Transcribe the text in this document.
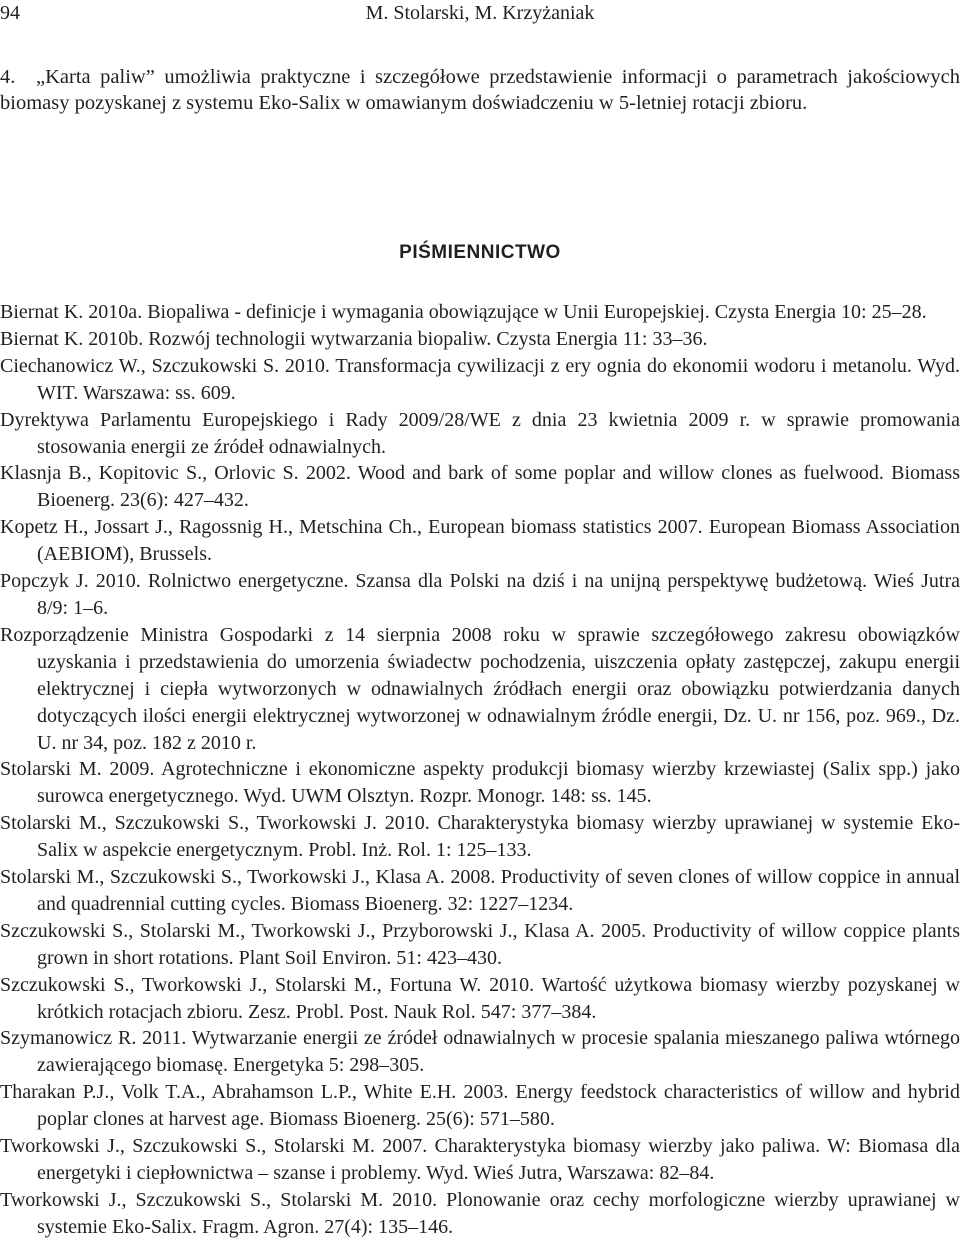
94	M. Stolarski, M. Krzyżaniak
4. „Karta paliw” umożliwia praktyczne i szczegółowe przedstawienie informacji o parametrach jakościowych biomasy pozyskanej z systemu Eko-Salix w omawianym doświadczeniu w 5-letniej rotacji zbioru.
PIŚMIENNICTWO
Biernat K. 2010a. Biopaliwa - definicje i wymagania obowiązujące w Unii Europejskiej. Czysta Energia 10: 25–28.
Biernat K. 2010b. Rozwój technologii wytwarzania biopaliw. Czysta Energia 11: 33–36.
Ciechanowicz W., Szczukowski S. 2010. Transformacja cywilizacji z ery ognia do ekonomii wodoru i metanolu. Wyd. WIT. Warszawa: ss. 609.
Dyrektywa Parlamentu Europejskiego i Rady 2009/28/WE z dnia 23 kwietnia 2009 r. w sprawie promowania stosowania energii ze źródeł odnawialnych.
Klasnja B., Kopitovic S., Orlovic S. 2002. Wood and bark of some poplar and willow clones as fuelwood. Biomass Bioenerg. 23(6): 427–432.
Kopetz H., Jossart J., Ragossnig H., Metschina Ch., European biomass statistics 2007. European Biomass Association (AEBIOM), Brussels.
Popczyk J. 2010. Rolnictwo energetyczne. Szansa dla Polski na dziś i na unijną perspektywę budżetową. Wieś Jutra 8/9: 1–6.
Rozporządzenie Ministra Gospodarki z 14 sierpnia 2008 roku w sprawie szczegółowego zakresu obowiązków uzyskania i przedstawienia do umorzenia świadectw pochodzenia, uiszczenia opłaty zastępczej, zakupu energii elektrycznej i ciepła wytworzonych w odnawialnych źródłach energii oraz obowiązku potwierdzania danych dotyczących ilości energii elektrycznej wytworzonej w odnawialnym źródle energii, Dz. U. nr 156, poz. 969., Dz. U. nr 34, poz. 182 z 2010 r.
Stolarski M. 2009. Agrotechniczne i ekonomiczne aspekty produkcji biomasy wierzby krzewiastej (Salix spp.) jako surowca energetycznego. Wyd. UWM Olsztyn. Rozpr. Monogr. 148: ss. 145.
Stolarski M., Szczukowski S., Tworkowski J. 2010. Charakterystyka biomasy wierzby uprawianej w systemie Eko-Salix w aspekcie energetycznym. Probl. Inż. Rol. 1: 125–133.
Stolarski M., Szczukowski S., Tworkowski J., Klasa A. 2008. Productivity of seven clones of willow coppice in annual and quadrennial cutting cycles. Biomass Bioenerg. 32: 1227–1234.
Szczukowski S., Stolarski M., Tworkowski J., Przyborowski J., Klasa A. 2005. Productivity of willow coppice plants grown in short rotations. Plant Soil Environ. 51: 423–430.
Szczukowski S., Tworkowski J., Stolarski M., Fortuna W. 2010. Wartość użytkowa biomasy wierzby pozyskanej w krótkich rotacjach zbioru. Zesz. Probl. Post. Nauk Rol. 547: 377–384.
Szymanowicz R. 2011. Wytwarzanie energii ze źródeł odnawialnych w procesie spalania mieszanego paliwa wtórnego zawierającego biomasę. Energetyka 5: 298–305.
Tharakan P.J., Volk T.A., Abrahamson L.P., White E.H. 2003. Energy feedstock characteristics of willow and hybrid poplar clones at harvest age. Biomass Bioenerg. 25(6): 571–580.
Tworkowski J., Szczukowski S., Stolarski M. 2007. Charakterystyka biomasy wierzby jako paliwa. W: Biomasa dla energetyki i ciepłownictwa – szanse i problemy. Wyd. Wieś Jutra, Warszawa: 82–84.
Tworkowski J., Szczukowski S., Stolarski M. 2010. Plonowanie oraz cechy morfologiczne wierzby uprawianej w systemie Eko-Salix. Fragm. Agron. 27(4): 135–146.
